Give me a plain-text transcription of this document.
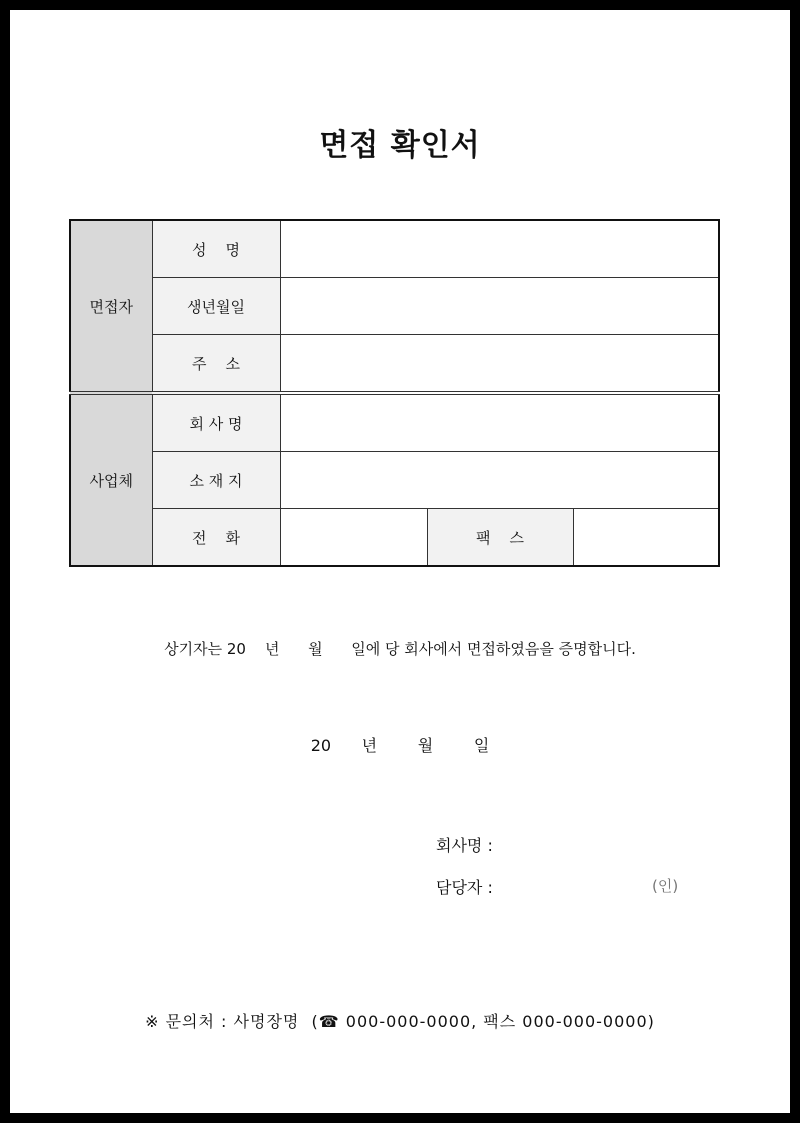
면접 확인서
면접자	성    명			
	생년월일			
	주    소			
사업체	회 사 명			
	소 재 지			
	전    화		팩    스	
상기자는 20    년      월      일에 당 회사에서 면접하였음을 증명합니다.
20      년        월        일
회사명 :
담당자 :	(인)
※ 문의처 : 사명장명  (☎ 000-000-0000, 팩스 000-000-0000)
